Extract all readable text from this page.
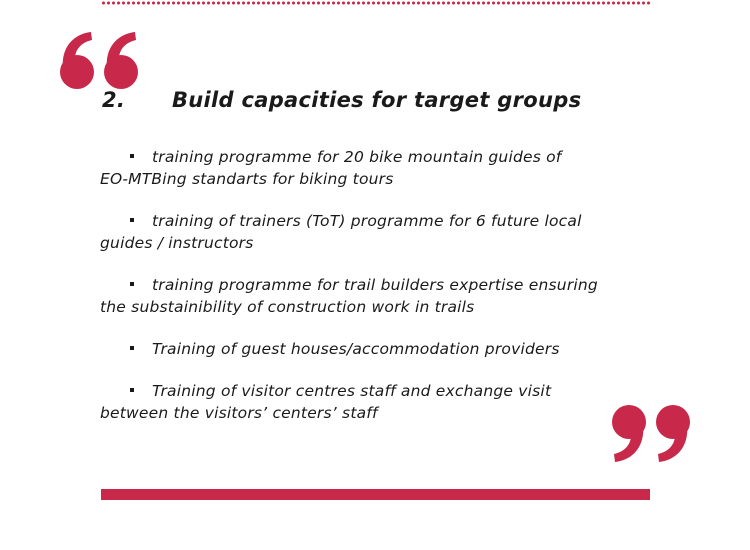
2. Build capacities for target groups
training programme for 20 bike mountain guides of
EO-MTBing standarts for biking tours
training of trainers (ToT) programme for 6 future local
guides / instructors
training programme for trail builders expertise ensuring
the substainibility of construction work in trails
Training of guest houses/accommodation providers
Training of visitor centres staff and exchange visit
between the visitors’ centers’ staff
